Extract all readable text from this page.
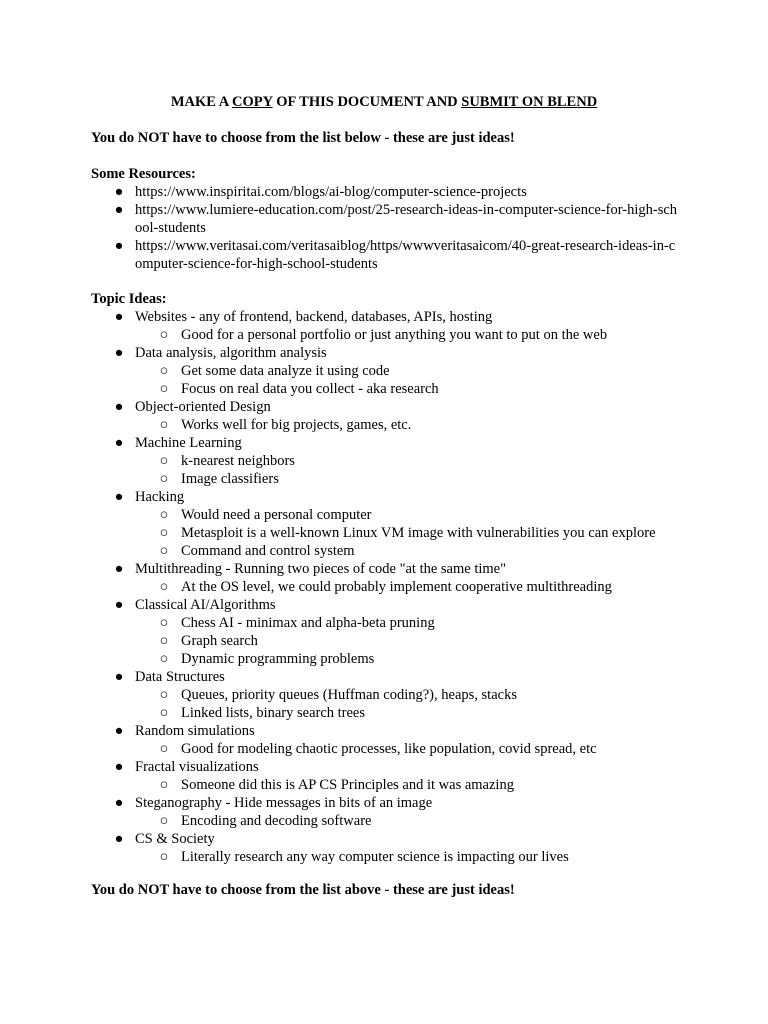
MAKE A COPY OF THIS DOCUMENT AND SUBMIT ON BLEND
You do NOT have to choose from the list below - these are just ideas!
Some Resources:
● https://www.inspiritai.com/blogs/ai-blog/computer-science-projects
● https://www.lumiere-education.com/post/25-research-ideas-in-computer-science-for-high-school-students
● https://www.veritasai.com/veritasaiblog/https/wwwveritasaicom/40-great-research-ideas-in-computer-science-for-high-school-students
Topic Ideas:
● Websites - any of frontend, backend, databases, APIs, hosting
○ Good for a personal portfolio or just anything you want to put on the web
● Data analysis, algorithm analysis
○ Get some data analyze it using code
○ Focus on real data you collect - aka research
● Object-oriented Design
○ Works well for big projects, games, etc.
● Machine Learning
○ k-nearest neighbors
○ Image classifiers
● Hacking
○ Would need a personal computer
○ Metasploit is a well-known Linux VM image with vulnerabilities you can explore
○ Command and control system
● Multithreading - Running two pieces of code "at the same time"
○ At the OS level, we could probably implement cooperative multithreading
● Classical AI/Algorithms
○ Chess AI - minimax and alpha-beta pruning
○ Graph search
○ Dynamic programming problems
● Data Structures
○ Queues, priority queues (Huffman coding?), heaps, stacks
○ Linked lists, binary search trees
● Random simulations
○ Good for modeling chaotic processes, like population, covid spread, etc
● Fractal visualizations
○ Someone did this is AP CS Principles and it was amazing
● Steganography - Hide messages in bits of an image
○ Encoding and decoding software
● CS & Society
○ Literally research any way computer science is impacting our lives
You do NOT have to choose from the list above - these are just ideas!
